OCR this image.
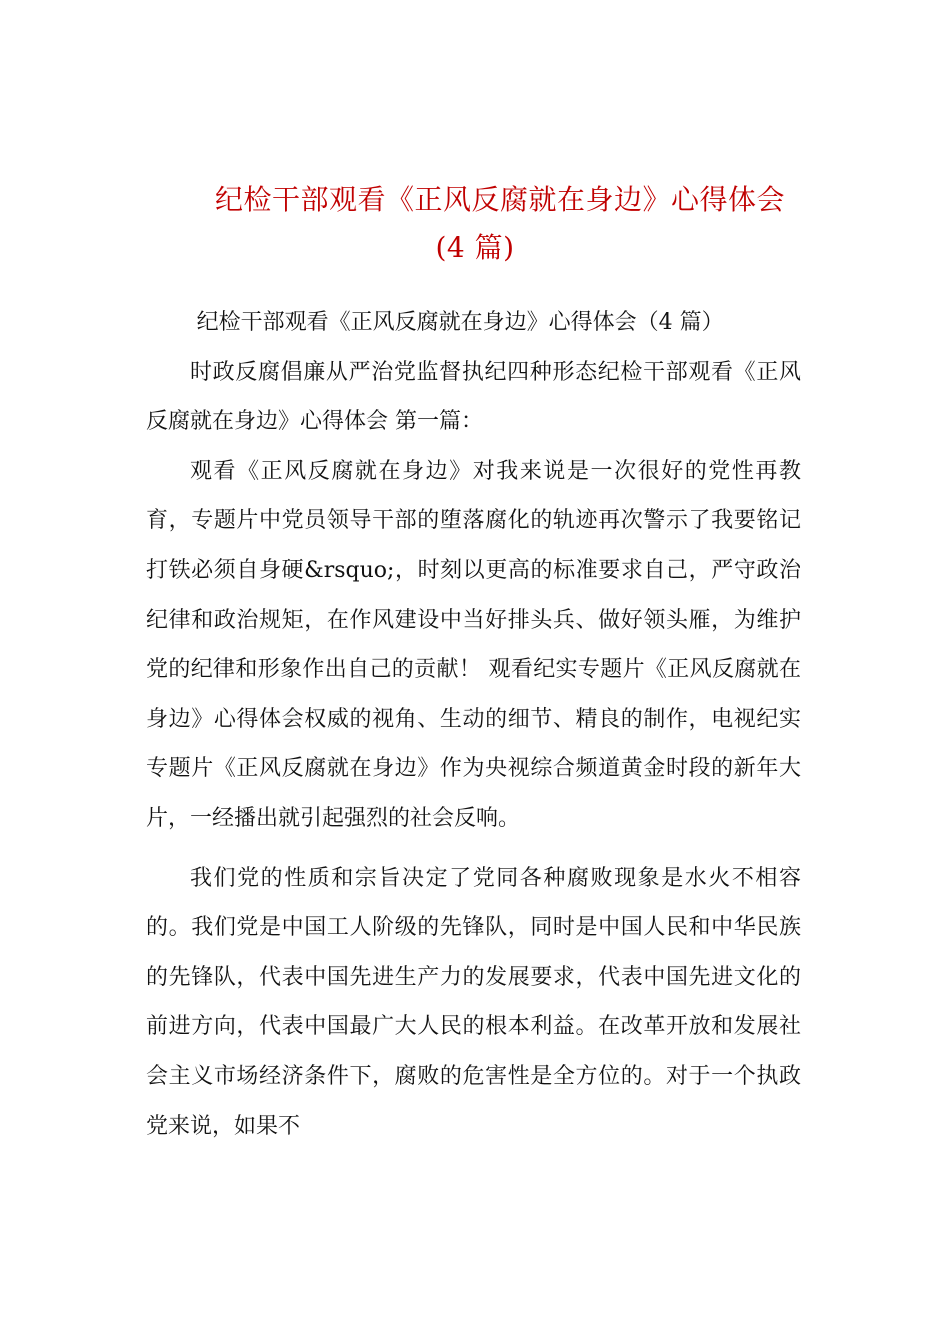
纪检干部观看《正风反腐就在身边》心得体会
(4 篇)

纪检干部观看《正风反腐就在身边》心得体会（4 篇）

时政反腐倡廉从严治党监督执纪四种形态纪检干部观看《正风反腐就在身边》心得体会 第一篇：

观看《正风反腐就在身边》对我来说是一次很好的党性再教育，专题片中党员领导干部的堕落腐化的轨迹再次警示了我要铭记打铁必须自身硬&rsquo;，时刻以更高的标准要求自己，严守政治纪律和政治规矩，在作风建设中当好排头兵、做好领头雁，为维护党的纪律和形象作出自己的贡献！ 观看纪实专题片《正风反腐就在身边》心得体会权威的视角、生动的细节、精良的制作，电视纪实专题片《正风反腐就在身边》作为央视综合频道黄金时段的新年大片，一经播出就引起强烈的社会反响。

我们党的性质和宗旨决定了党同各种腐败现象是水火不相容的。我们党是中国工人阶级的先锋队，同时是中国人民和中华民族的先锋队，代表中国先进生产力的发展要求，代表中国先进文化的前进方向，代表中国最广大人民的根本利益。在改革开放和发展社会主义市场经济条件下，腐败的危害性是全方位的。对于一个执政党来说，如果不
